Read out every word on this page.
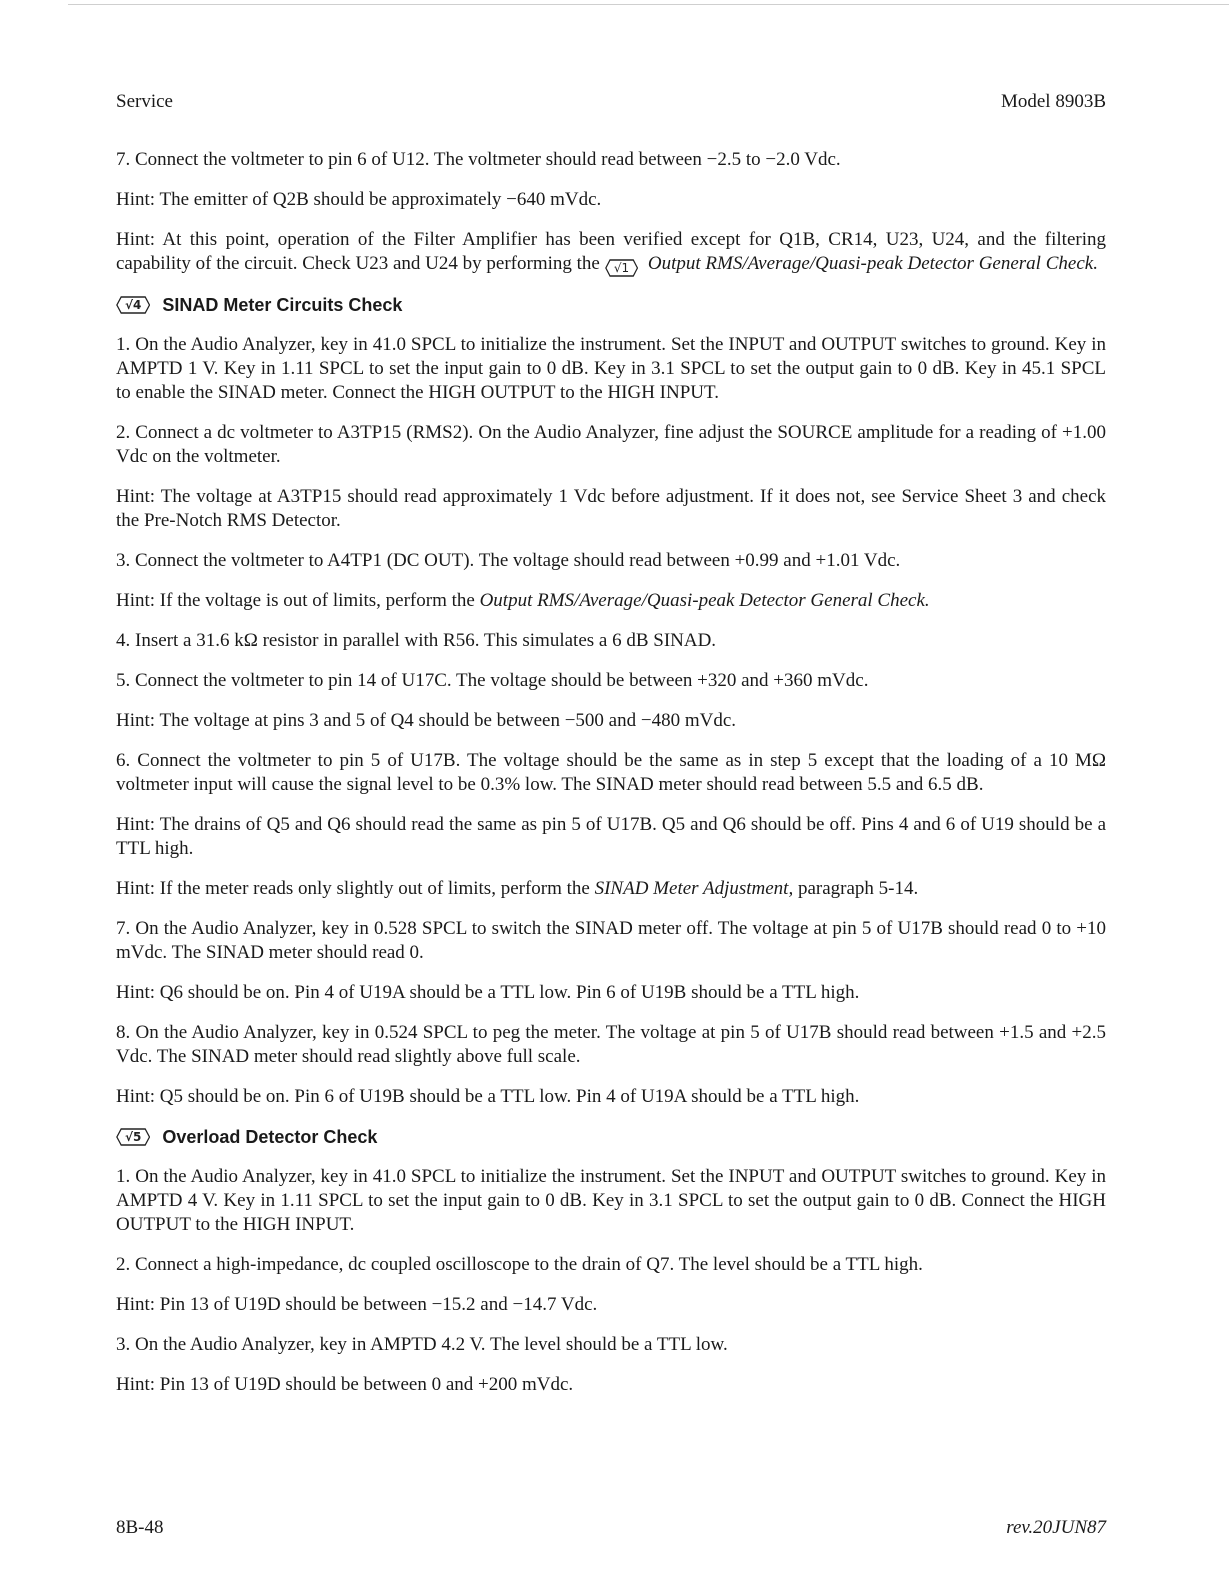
Service	Model 8903B

7. Connect the voltmeter to pin 6 of U12. The voltmeter should read between −2.5 to −2.0 Vdc.

Hint: The emitter of Q2B should be approximately −640 mVdc.

Hint: At this point, operation of the Filter Amplifier has been verified except for Q1B, CR14, U23, U24, and the filtering capability of the circuit. Check U23 and U24 by performing the √1 Output RMS/Average/Quasi-peak Detector General Check.

√4 SINAD Meter Circuits Check

1. On the Audio Analyzer, key in 41.0 SPCL to initialize the instrument. Set the INPUT and OUTPUT switches to ground. Key in AMPTD 1 V. Key in 1.11 SPCL to set the input gain to 0 dB. Key in 3.1 SPCL to set the output gain to 0 dB. Key in 45.1 SPCL to enable the SINAD meter. Connect the HIGH OUTPUT to the HIGH INPUT.

2. Connect a dc voltmeter to A3TP15 (RMS2). On the Audio Analyzer, fine adjust the SOURCE amplitude for a reading of +1.00 Vdc on the voltmeter.

Hint: The voltage at A3TP15 should read approximately 1 Vdc before adjustment. If it does not, see Service Sheet 3 and check the Pre-Notch RMS Detector.

3. Connect the voltmeter to A4TP1 (DC OUT). The voltage should read between +0.99 and +1.01 Vdc.

Hint: If the voltage is out of limits, perform the Output RMS/Average/Quasi-peak Detector General Check.

4. Insert a 31.6 kΩ resistor in parallel with R56. This simulates a 6 dB SINAD.

5. Connect the voltmeter to pin 14 of U17C. The voltage should be between +320 and +360 mVdc.

Hint: The voltage at pins 3 and 5 of Q4 should be between −500 and −480 mVdc.

6. Connect the voltmeter to pin 5 of U17B. The voltage should be the same as in step 5 except that the loading of a 10 MΩ voltmeter input will cause the signal level to be 0.3% low. The SINAD meter should read between 5.5 and 6.5 dB.

Hint: The drains of Q5 and Q6 should read the same as pin 5 of U17B. Q5 and Q6 should be off. Pins 4 and 6 of U19 should be a TTL high.

Hint: If the meter reads only slightly out of limits, perform the SINAD Meter Adjustment, paragraph 5-14.

7. On the Audio Analyzer, key in 0.528 SPCL to switch the SINAD meter off. The voltage at pin 5 of U17B should read 0 to +10 mVdc. The SINAD meter should read 0.

Hint: Q6 should be on. Pin 4 of U19A should be a TTL low. Pin 6 of U19B should be a TTL high.

8. On the Audio Analyzer, key in 0.524 SPCL to peg the meter. The voltage at pin 5 of U17B should read between +1.5 and +2.5 Vdc. The SINAD meter should read slightly above full scale.

Hint: Q5 should be on. Pin 6 of U19B should be a TTL low. Pin 4 of U19A should be a TTL high.

√5 Overload Detector Check

1. On the Audio Analyzer, key in 41.0 SPCL to initialize the instrument. Set the INPUT and OUTPUT switches to ground. Key in AMPTD 4 V. Key in 1.11 SPCL to set the input gain to 0 dB. Key in 3.1 SPCL to set the output gain to 0 dB. Connect the HIGH OUTPUT to the HIGH INPUT.

2. Connect a high-impedance, dc coupled oscilloscope to the drain of Q7. The level should be a TTL high.

Hint: Pin 13 of U19D should be between −15.2 and −14.7 Vdc.

3. On the Audio Analyzer, key in AMPTD 4.2 V. The level should be a TTL low.

Hint: Pin 13 of U19D should be between 0 and +200 mVdc.

8B-48	rev.20JUN87
